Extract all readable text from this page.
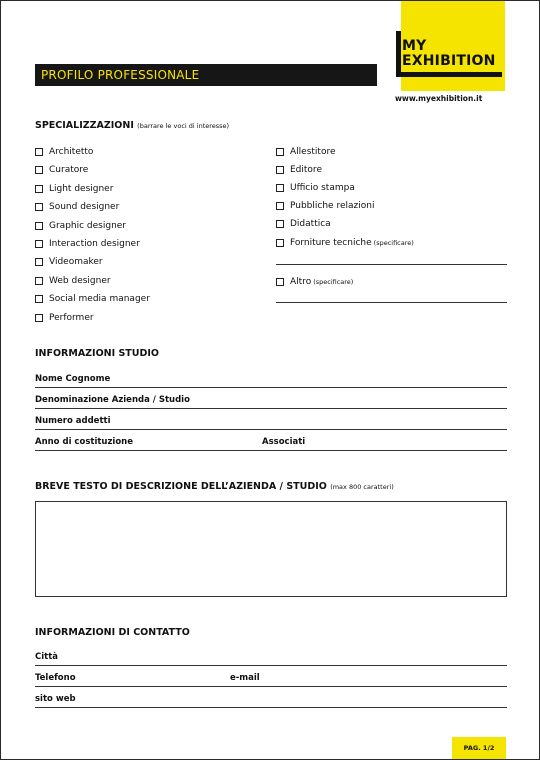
MY
EXHIBITION
www.myexhibition.it
PROFILO PROFESSIONALE
SPECIALIZZAZIONI (barrare le voci di interesse)
Architetto
Curatore
Light designer
Sound designer
Graphic designer
Interaction designer
Videomaker
Web designer
Social media manager
Performer
Allestitore
Editore
Ufficio stampa
Pubbliche relazioni
Didattica
Forniture tecniche (specificare)
Altro (specificare)
INFORMAZIONI STUDIO
Nome Cognome
Denominazione Azienda / Studio
Numero addetti
Anno di costituzione	Associati
BREVE TESTO DI DESCRIZIONE DELL’AZIENDA / STUDIO (max 800 caratteri)
INFORMAZIONI DI CONTATTO
Città
Telefono	e-mail
sito web
PAG. 1/2
